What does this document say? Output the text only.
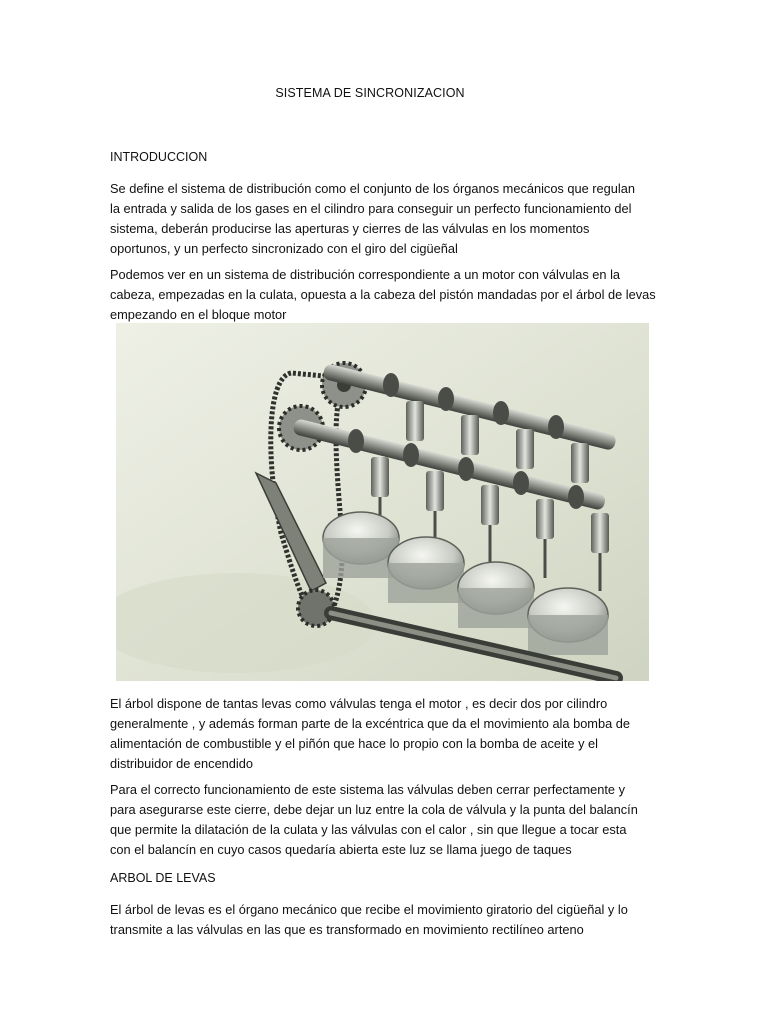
SISTEMA DE SINCRONIZACION
INTRODUCCION

Se define el sistema de distribución como el conjunto de los órganos mecánicos que regulan

la entrada y salida de los gases en el cilindro para conseguir un perfecto funcionamiento del

sistema, deberán producirse las aperturas y cierres de las válvulas en los momentos

oportunos, y un perfecto sincronizado con el giro del cigüeñal

Podemos ver en un sistema de distribución correspondiente a un motor con válvulas en la

cabeza, empezadas en la culata, opuesta a la cabeza del pistón mandadas por el árbol de levas

empezando en el bloque motor

El árbol dispone de tantas levas como válvulas tenga el motor , es decir dos por cilindro

generalmente , y además forman parte de la excéntrica que da el movimiento ala bomba de

alimentación de combustible y el piñón que hace lo propio con la bomba de aceite y el

distribuidor de encendido

Para el correcto funcionamiento de este sistema las válvulas deben cerrar perfectamente y

para asegurarse este cierre, debe dejar un luz entre la cola de válvula y la punta del balancín

que permite la dilatación de la culata y las válvulas con el calor , sin que llegue a tocar esta

con el balancín en cuyo casos quedaría abierta este luz se llama juego de taques

ARBOL DE LEVAS

El árbol de levas es el órgano mecánico que recibe el movimiento giratorio del cigüeñal y lo

transmite a las válvulas en las que es transformado en movimiento rectilíneo arteno
